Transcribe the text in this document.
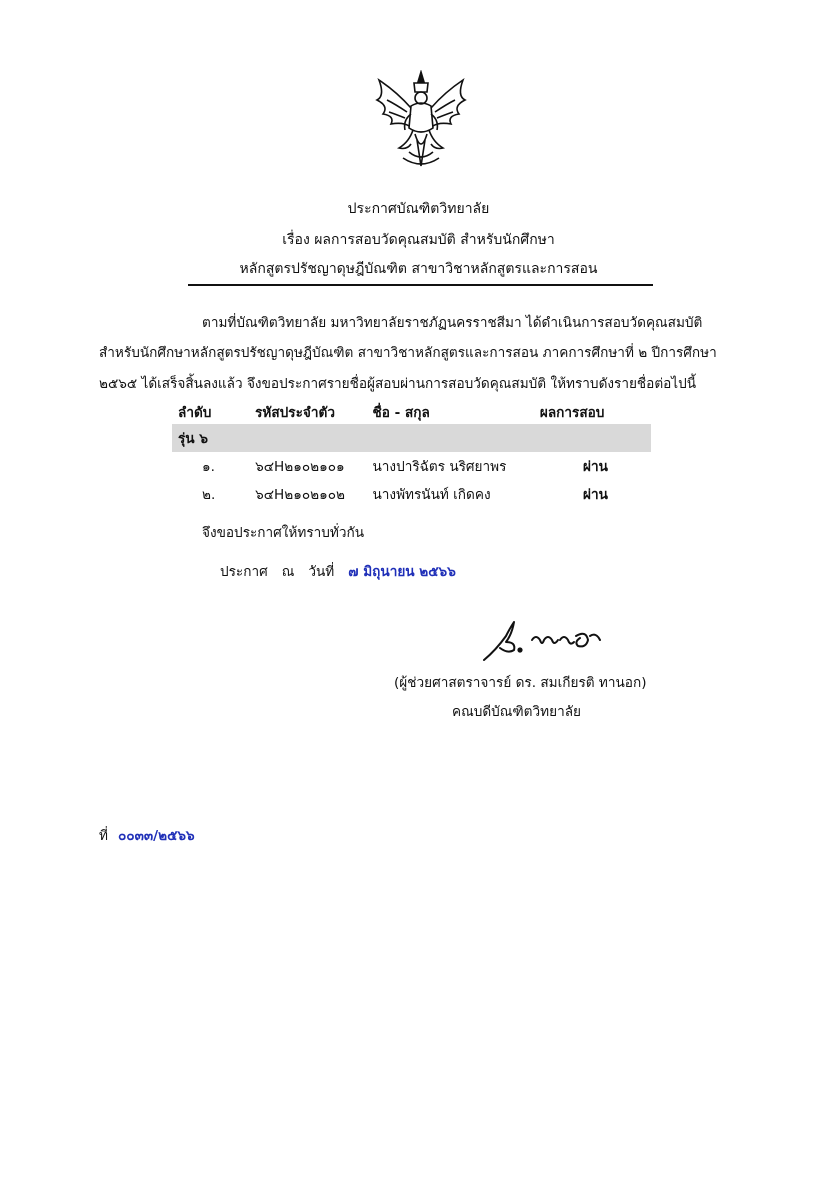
ประกาศบัณฑิตวิทยาลัย
เรื่อง ผลการสอบวัดคุณสมบัติ สำหรับนักศึกษา
หลักสูตรปรัชญาดุษฎีบัณฑิต สาขาวิชาหลักสูตรและการสอน
ตามที่บัณฑิตวิทยาลัย มหาวิทยาลัยราชภัฏนครราชสีมา ได้ดำเนินการสอบวัดคุณสมบัติ
สำหรับนักศึกษาหลักสูตรปรัชญาดุษฎีบัณฑิต สาขาวิชาหลักสูตรและการสอน ภาคการศึกษาที่ ๒ ปีการศึกษา
๒๕๖๕ ได้เสร็จสิ้นลงแล้ว จึงขอประกาศรายชื่อผู้สอบผ่านการสอบวัดคุณสมบัติ ให้ทราบดังรายชื่อต่อไปนี้
ลำดับ	รหัสประจำตัว	ชื่อ - สกุล	ผลการสอบ
รุ่น ๖			
๑.	๖๔H๒๑๐๒๑๐๑	นางปาริฉัตร นริศยาพร	ผ่าน
๒.	๖๔H๒๑๐๒๑๐๒	นางพัทรนันท์ เกิดคง	ผ่าน
จึงขอประกาศให้ทราบทั่วกัน
ประกาศ ณ วันที่ ๗ มิถุนายน ๒๕๖๖
(ผู้ช่วยศาสตราจารย์ ดร. สมเกียรติ ทานอก)
คณบดีบัณฑิตวิทยาลัย
ที่ ๐๐๓๓/๒๕๖๖
